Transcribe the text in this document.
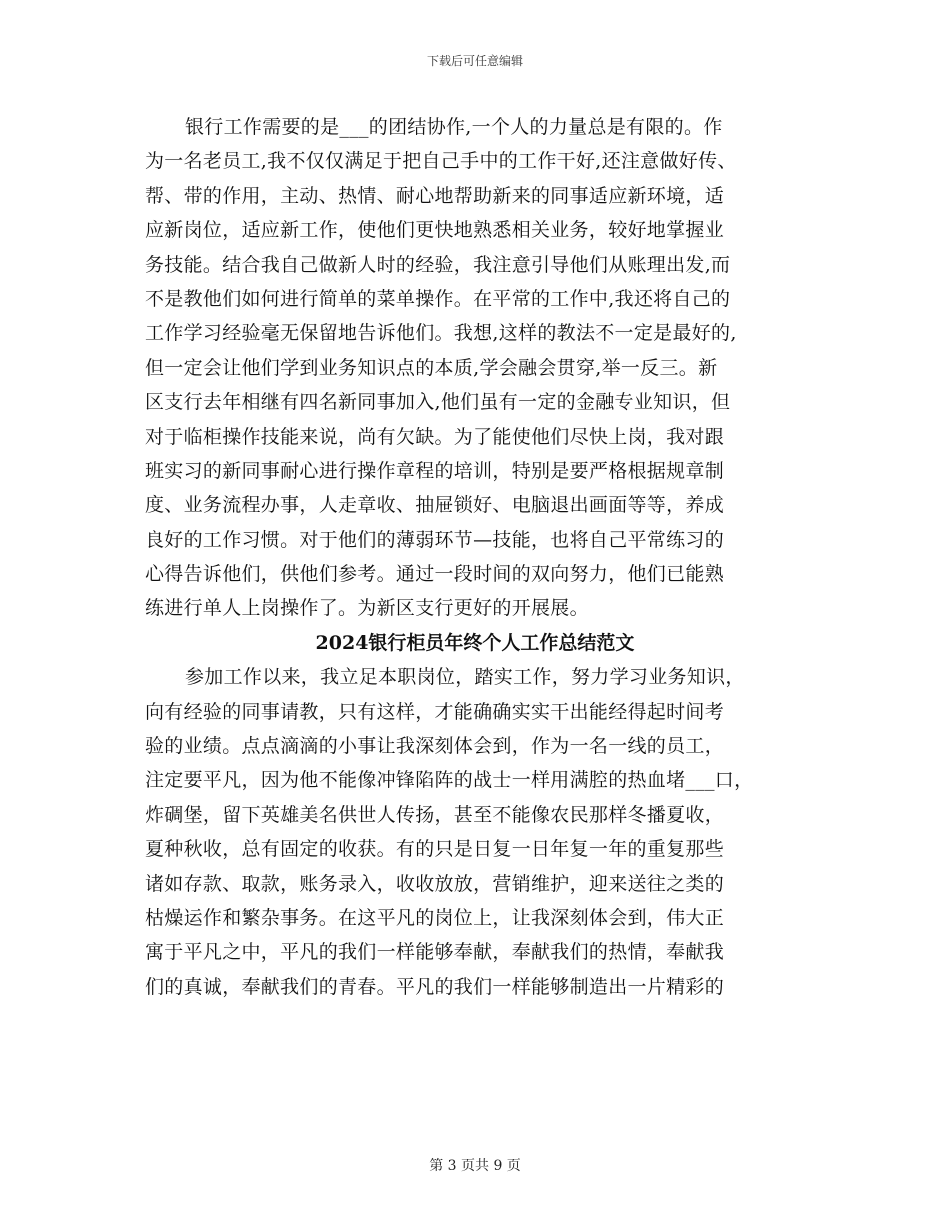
下载后可任意编辑
银行工作需要的是___的团结协作,一个人的力量总是有限的。作
为一名老员工,我不仅仅满足于把自己手中的工作干好,还注意做好传、
帮、带的作用，主动、热情、耐心地帮助新来的同事适应新环境，适
应新岗位，适应新工作，使他们更快地熟悉相关业务，较好地掌握业
务技能。结合我自己做新人时的经验，我注意引导他们从账理出发,而
不是教他们如何进行简单的菜单操作。在平常的工作中,我还将自己的
工作学习经验毫无保留地告诉他们。我想,这样的教法不一定是最好的,
但一定会让他们学到业务知识点的本质,学会融会贯穿,举一反三。新
区支行去年相继有四名新同事加入,他们虽有一定的金融专业知识，但
对于临柜操作技能来说，尚有欠缺。为了能使他们尽快上岗，我对跟
班实习的新同事耐心进行操作章程的培训，特别是要严格根据规章制
度、业务流程办事，人走章收、抽屉锁好、电脑退出画面等等，养成
良好的工作习惯。对于他们的薄弱环节—技能，也将自己平常练习的
心得告诉他们，供他们参考。通过一段时间的双向努力，他们已能熟
练进行单人上岗操作了。为新区支行更好的开展展。
2024银行柜员年终个人工作总结范文
参加工作以来，我立足本职岗位，踏实工作，努力学习业务知识，
向有经验的同事请教，只有这样，才能确确实实干出能经得起时间考
验的业绩。点点滴滴的小事让我深刻体会到，作为一名一线的员工，
注定要平凡，因为他不能像冲锋陷阵的战士一样用满腔的热血堵___口，
炸碉堡，留下英雄美名供世人传扬，甚至不能像农民那样冬播夏收，
夏种秋收，总有固定的收获。有的只是日复一日年复一年的重复那些
诸如存款、取款，账务录入，收收放放，营销维护，迎来送往之类的
枯燥运作和繁杂事务。在这平凡的岗位上，让我深刻体会到，伟大正
寓于平凡之中，平凡的我们一样能够奉献，奉献我们的热情，奉献我
们的真诚，奉献我们的青春。平凡的我们一样能够制造出一片精彩的
第 3 页共 9 页
